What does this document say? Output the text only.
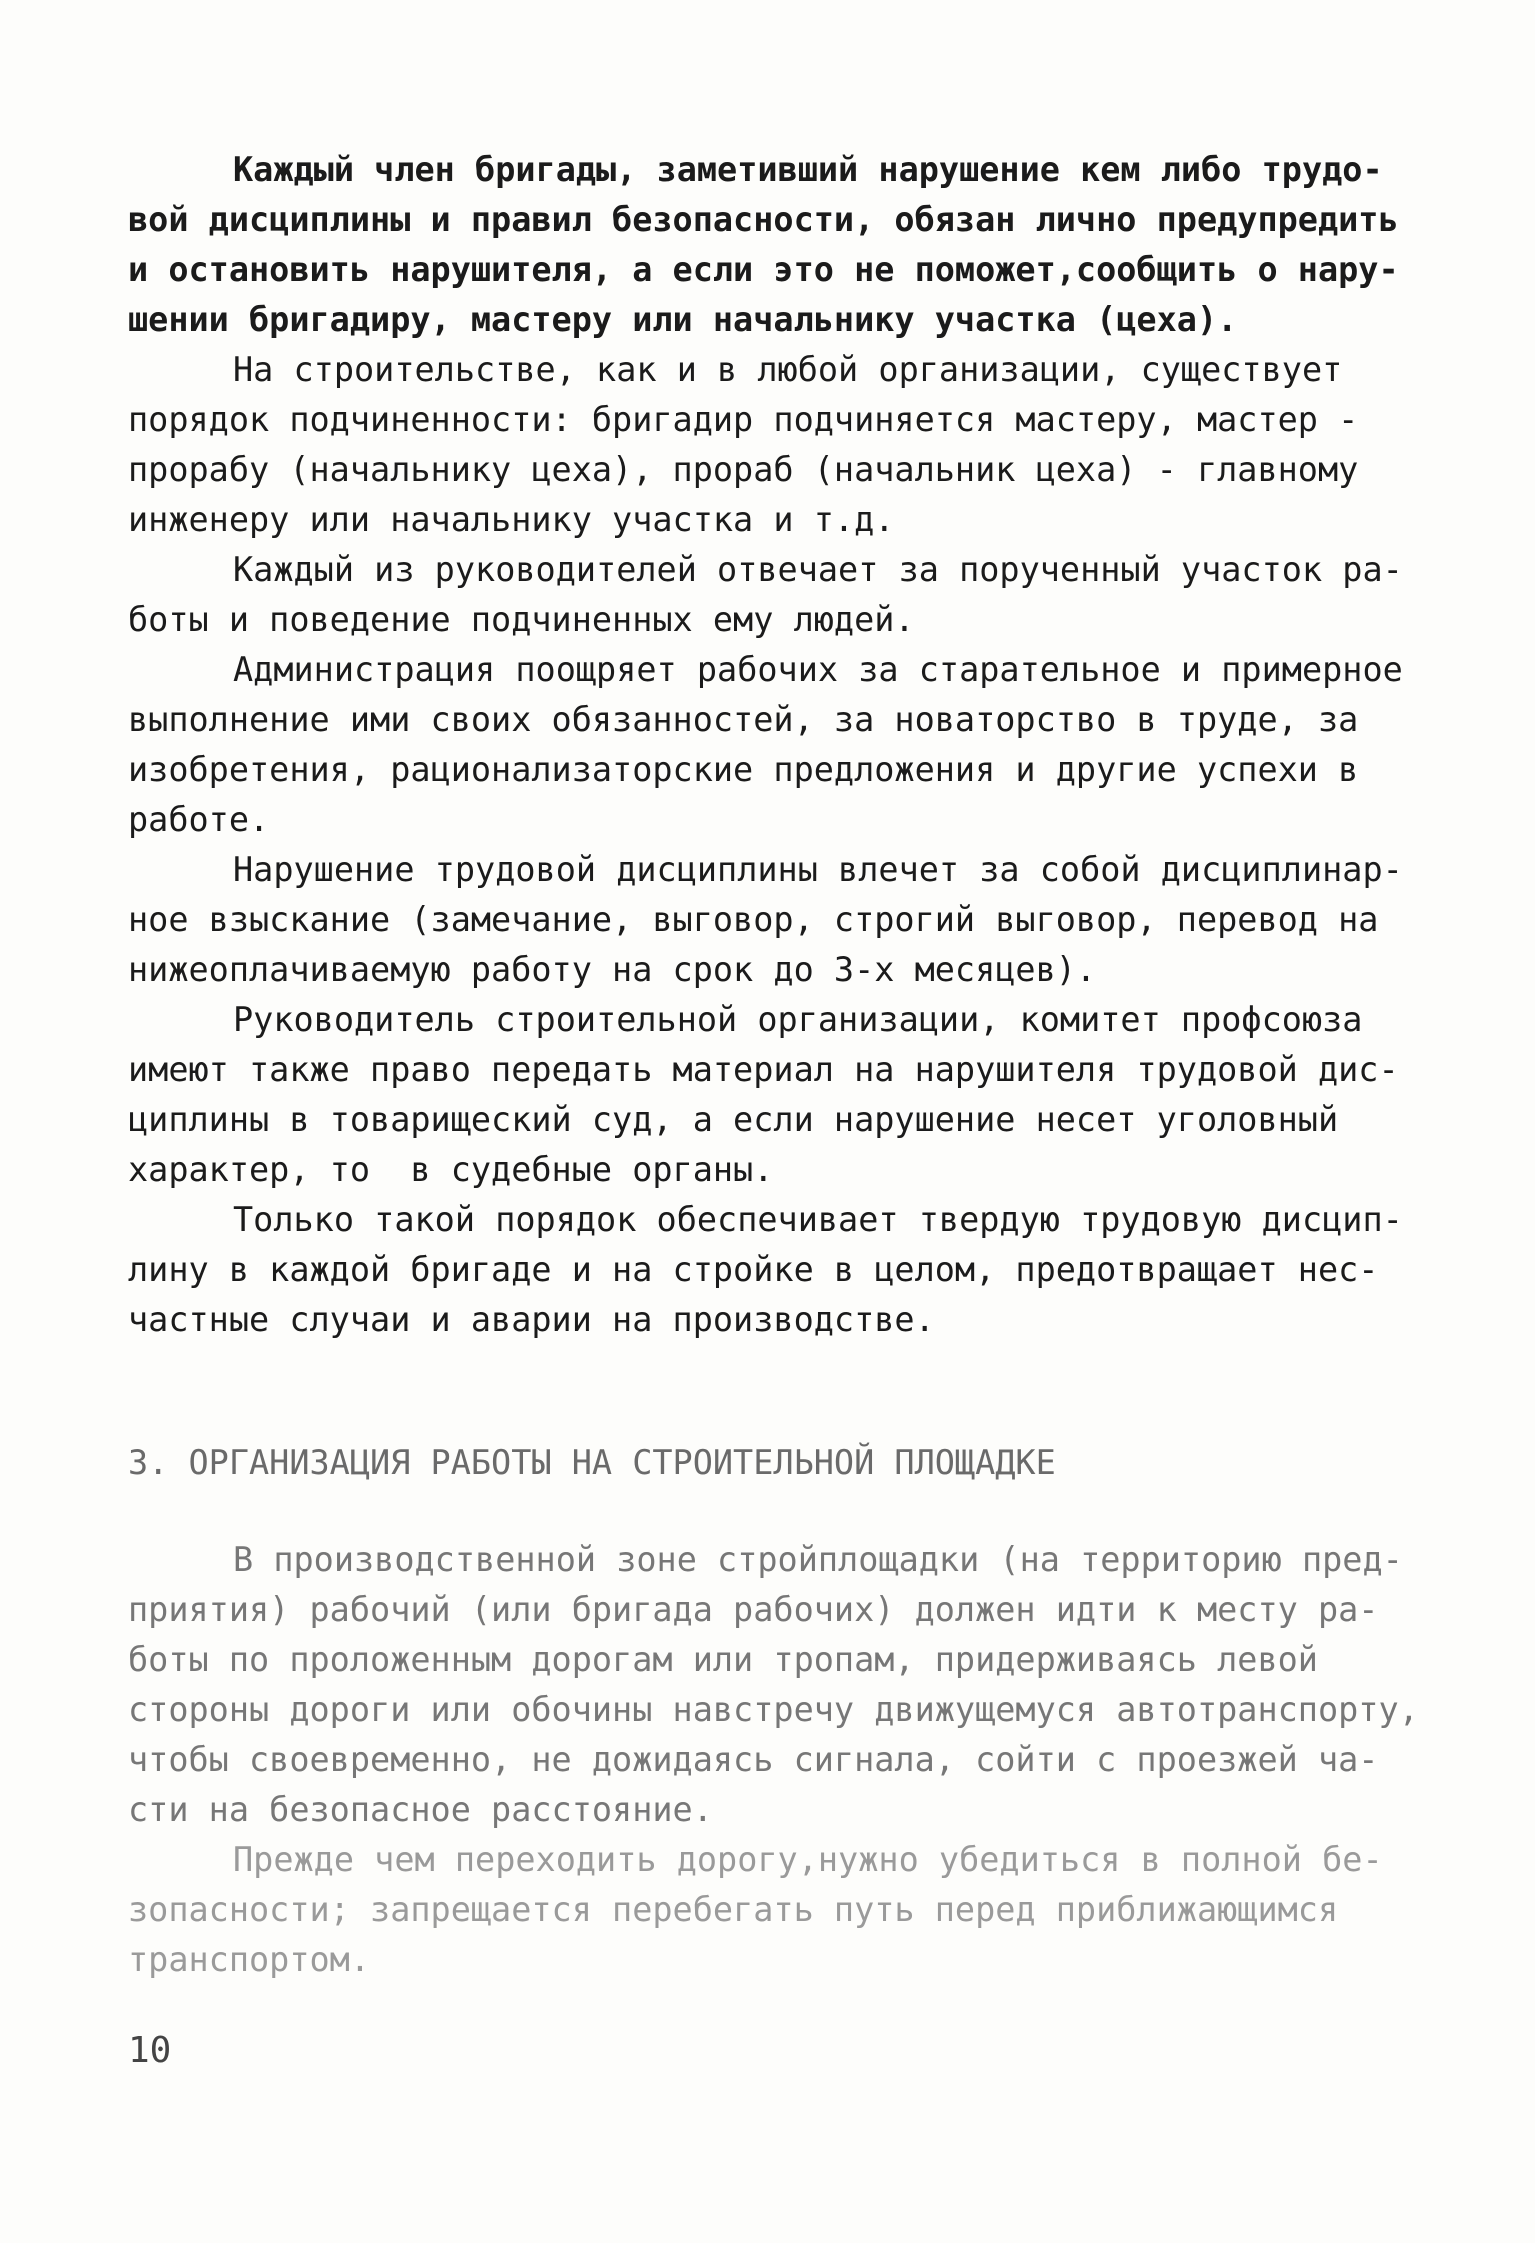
Каждый член бригады, заметивший нарушение кем либо трудо-
вой дисциплины и правил безопасности, обязан лично предупредить
и остановить нарушителя, а если это не поможет,сообщить о нару-
шении бригадиру, мастеру или начальнику участка (цеха).
На строительстве, как и в любой организации, существует
порядок подчиненности: бригадир подчиняется мастеру, мастер -
прорабу (начальнику цеха), прораб (начальник цеха) - главному
инженеру или начальнику участка и т.д.
Каждый из руководителей отвечает за порученный участок ра-
боты и поведение подчиненных ему людей.
Администрация поощряет рабочих за старательное и примерное
выполнение ими своих обязанностей, за новаторство в труде, за
изобретения, рационализаторские предложения и другие успехи в
работе.
Нарушение трудовой дисциплины влечет за собой дисциплинар-
ное взыскание (замечание, выговор, строгий выговор, перевод на
нижеоплачиваемую работу на срок до 3-х месяцев).
Руководитель строительной организации, комитет профсоюза
имеют также право передать материал на нарушителя трудовой дис-
циплины в товарищеский суд, а если нарушение несет уголовный
характер, то  в судебные органы.
Только такой порядок обеспечивает твердую трудовую дисцип-
лину в каждой бригаде и на стройке в целом, предотвращает нес-
частные случаи и аварии на производстве.
3. ОРГАНИЗАЦИЯ РАБОТЫ НА СТРОИТЕЛЬНОЙ ПЛОЩАДКЕ
В производственной зоне стройплощадки (на территорию пред-
приятия) рабочий (или бригада рабочих) должен идти к месту ра-
боты по проложенным дорогам или тропам, придерживаясь левой
стороны дороги или обочины навстречу движущемуся автотранспорту,
чтобы своевременно, не дожидаясь сигнала, сойти с проезжей ча-
сти на безопасное расстояние.
Прежде чем переходить дорогу,нужно убедиться в полной бе-
зопасности; запрещается перебегать путь перед приближающимся
транспортом.
10
